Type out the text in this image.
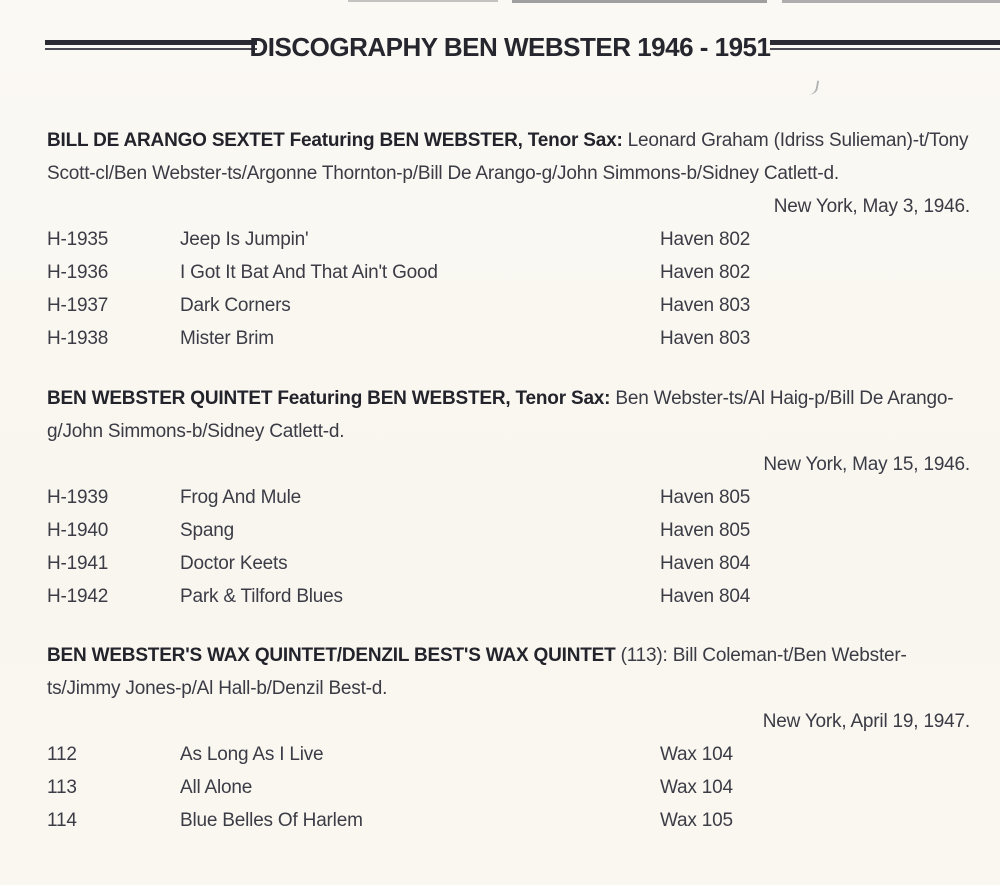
DISCOGRAPHY BEN WEBSTER 1946 - 1951

BILL DE ARANGO SEXTET Featuring BEN WEBSTER, Tenor Sax: Leonard Graham (Idriss Sulieman)-t/Tony Scott-cl/Ben Webster-ts/Argonne Thornton-p/Bill De Arango-g/John Simmons-b/Sidney Catlett-d.

New York, May 3, 1946.
H-1935	Jeep Is Jumpin'	Haven 802
H-1936	I Got It Bat And That Ain't Good	Haven 802
H-1937	Dark Corners	Haven 803
H-1938	Mister Brim	Haven 803

BEN WEBSTER QUINTET Featuring BEN WEBSTER, Tenor Sax: Ben Webster-ts/Al Haig-p/Bill De Arango-g/John Simmons-b/Sidney Catlett-d.

New York, May 15, 1946.
H-1939	Frog And Mule	Haven 805
H-1940	Spang	Haven 805
H-1941	Doctor Keets	Haven 804
H-1942	Park & Tilford Blues	Haven 804

BEN WEBSTER'S WAX QUINTET/DENZIL BEST'S WAX QUINTET (113): Bill Coleman-t/Ben Webster-ts/Jimmy Jones-p/Al Hall-b/Denzil Best-d.

New York, April 19, 1947.
112	As Long As I Live	Wax 104
113	All Alone	Wax 104
114	Blue Belles Of Harlem	Wax 105
